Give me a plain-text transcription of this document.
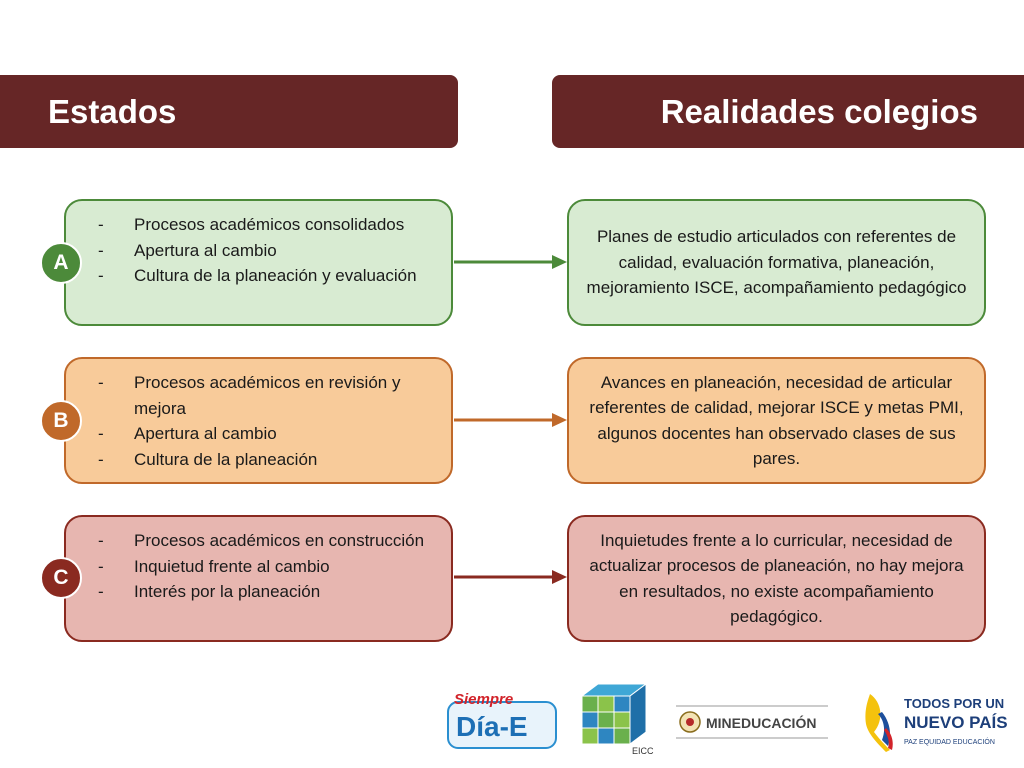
Estados	Realidades colegios
- Procesos académicos consolidados
- Apertura al cambio
- Cultura de la planeación y evaluación
A
Planes de estudio articulados con referentes de calidad, evaluación formativa, planeación, mejoramiento ISCE, acompañamiento pedagógico
- Procesos académicos en revisión y mejora
- Apertura al cambio
- Cultura de la planeación
B
Avances en planeación, necesidad de articular referentes de calidad, mejorar ISCE y metas PMI, algunos docentes han observado clases de sus pares.
- Procesos académicos en construcción
- Inquietud frente al cambio
- Interés por la planeación
C
Inquietudes frente a lo curricular, necesidad de actualizar procesos de planeación, no hay mejora en resultados, no existe acompañamiento pedagógico.
Siempre
Día-E
EICC
MINEDUCACIÓN
TODOS POR UN
NUEVO PAÍS
PAZ EQUIDAD EDUCACIÓN
